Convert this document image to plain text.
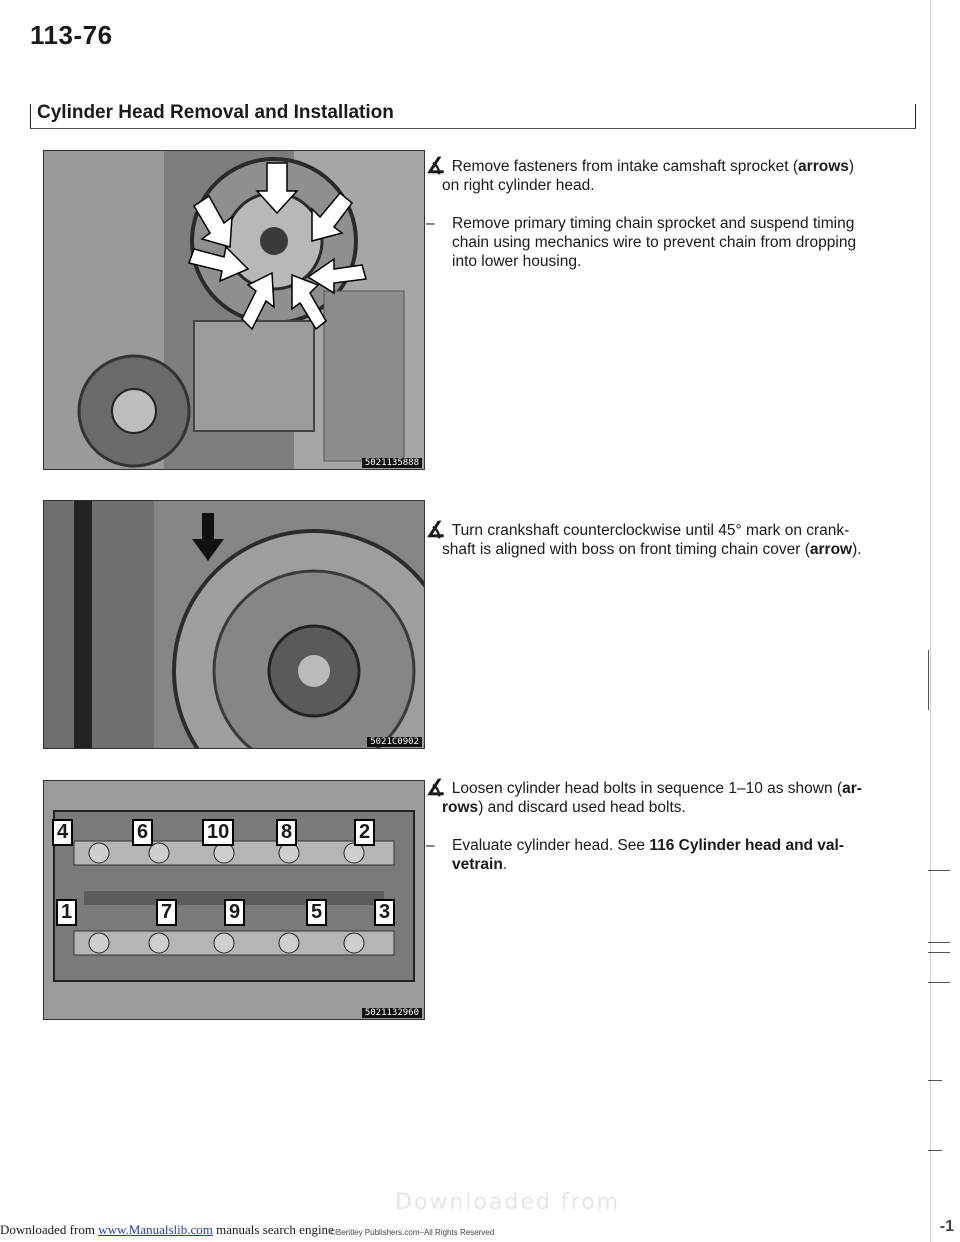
113-76
Cylinder Head Removal and Installation
5021135888
5021C0902
4	6	10	8	2
1	7	9	5	3
5021132960
∡ Remove fasteners from intake camshaft sprocket (arrows)
on right cylinder head.
– Remove primary timing chain sprocket and suspend timing
chain using mechanics wire to prevent chain from dropping
into lower housing.
∡ Turn crankshaft counterclockwise until 45° mark on crank-
shaft is aligned with boss on front timing chain cover (arrow).
∡ Loosen cylinder head bolts in sequence 1–10 as shown (ar-
rows) and discard used head bolts.
– Evaluate cylinder head. See 116 Cylinder head and val-
vetrain.
Downloaded from
Downloaded from www.Manualslib.com manuals search engine
©Bentley Publishers.com–All Rights Reserved	-1
